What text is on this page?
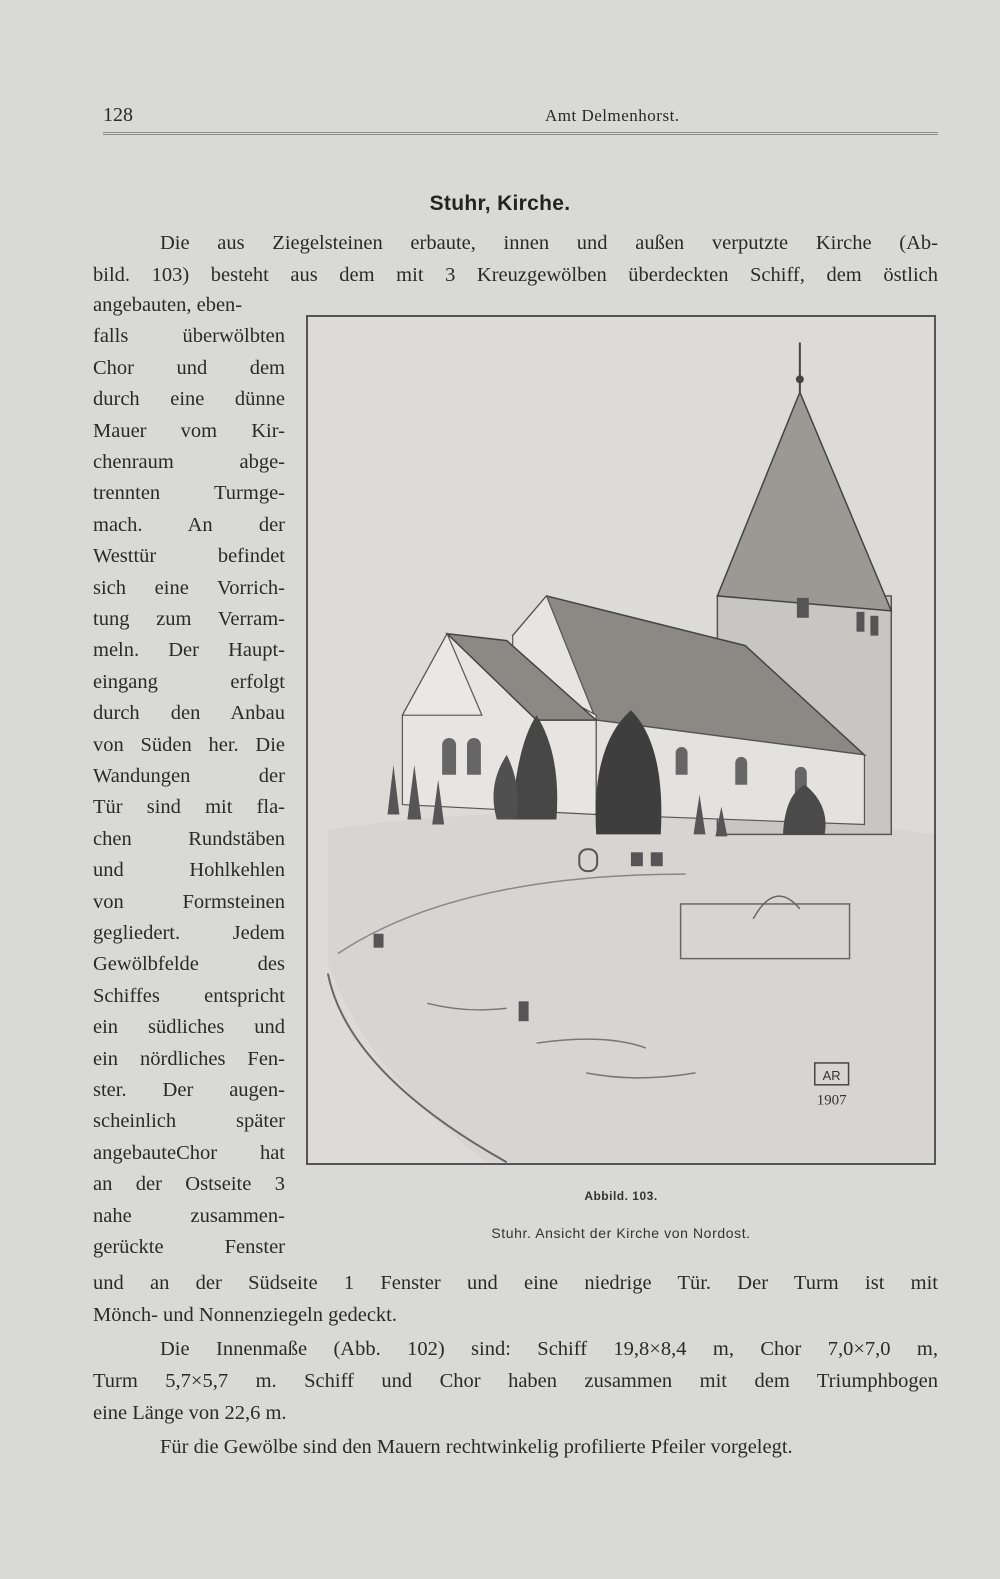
128	Amt Delmenhorst.
Stuhr, Kirche.
Die aus Ziegelsteinen erbaute, innen und außen verputzte Kirche (Ab-
bild. 103) besteht aus dem mit 3 Kreuzgewölben überdeckten Schiff, dem östlich
angebauten, eben-
falls überwölbten
Chor und dem
durch eine dünne
Mauer vom Kir-
chenraum abge-
trennten Turmge-
mach. An der
Westtür befindet
sich eine Vorrich-
tung zum Verram-
meln. Der Haupt-
eingang erfolgt
durch den Anbau
von Süden her. Die
Wandungen der
Tür sind mit fla-
chen Rundstäben
und Hohlkehlen
von Formsteinen
gegliedert. Jedem
Gewölbfelde des
Schiffes entspricht
ein südliches und
ein nördliches Fen-
ster. Der augen-
scheinlich später
angebauteChor hat
an der Ostseite 3
nahe zusammen-
gerückte Fenster
AR
1907
Abbild. 103.
Stuhr. Ansicht der Kirche von Nordost.
und an der Südseite 1 Fenster und eine niedrige Tür. Der Turm ist mit
Mönch- und Nonnenziegeln gedeckt.
Die Innenmaße (Abb. 102) sind: Schiff 19,8×8,4 m, Chor 7,0×7,0 m,
Turm 5,7×5,7 m. Schiff und Chor haben zusammen mit dem Triumphbogen
eine Länge von 22,6 m.
Für die Gewölbe sind den Mauern rechtwinkelig profilierte Pfeiler vorgelegt.
